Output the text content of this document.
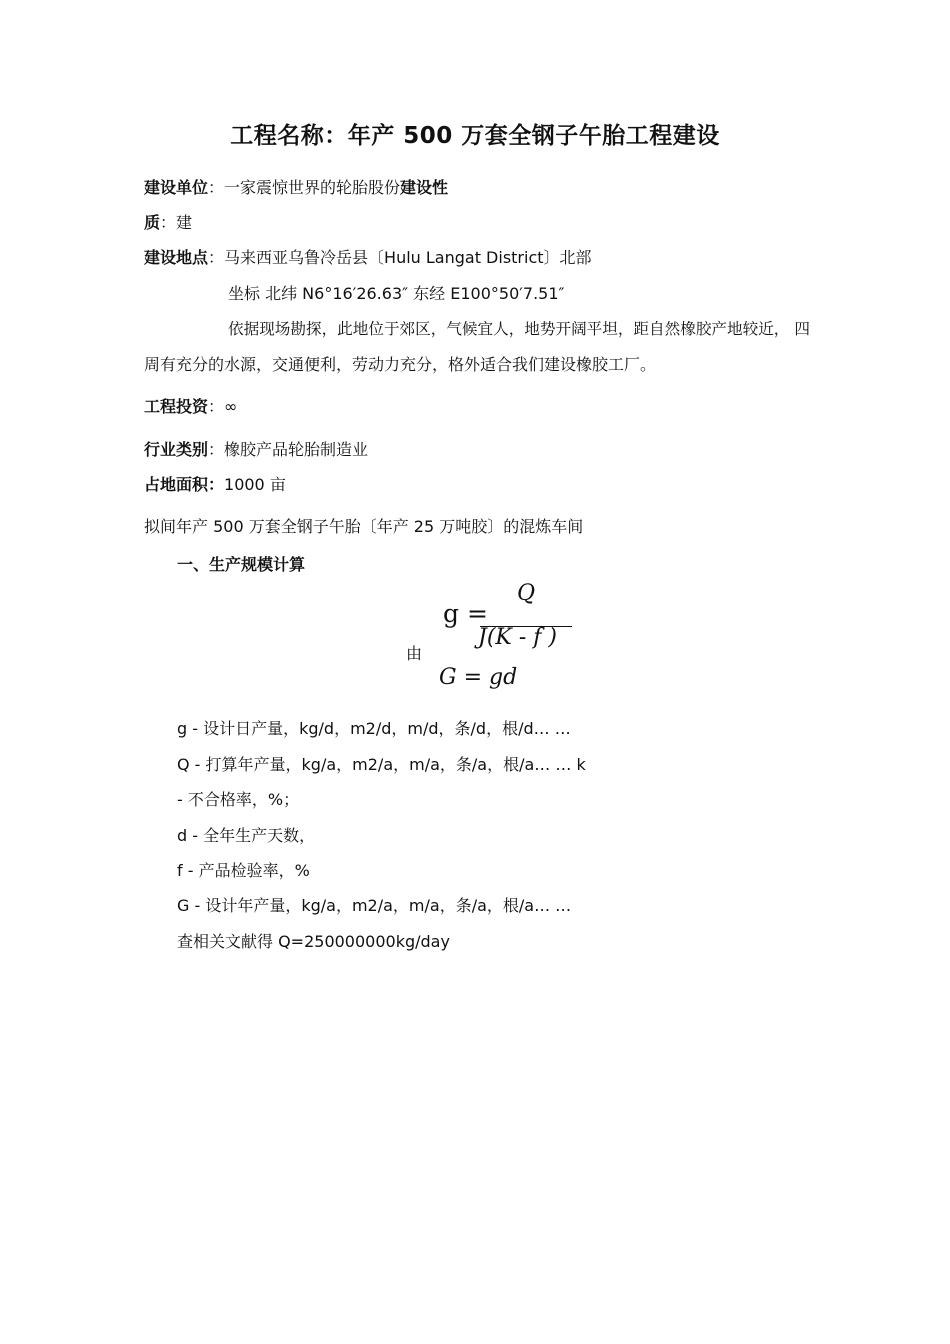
工程名称：年产 500 万套全钢子午胎工程建设
建设单位：一家震惊世界的轮胎股份建设性
质：建
建设地点：马来西亚乌鲁冷岳县〔Hulu Langat District〕北部
坐标 北纬 N6°16′26.63″ 东经 E100°50′7.51″
依据现场勘探，此地位于郊区，气候宜人，地势开阔平坦，距自然橡胶产地较近， 四
周有充分的水源，交通便利，劳动力充分，格外适合我们建设橡胶工厂。
工程投资：∞
行业类别：橡胶产品轮胎制造业
占地面积：1000 亩
拟间年产 500 万套全钢子午胎〔年产 25 万吨胶〕的混炼车间
一、生产规模计算
由
g =
Q
J(K - f )
G = gd
g - 设计日产量，kg/d，m2/d，m/d，条/d，根/d… …
Q - 打算年产量，kg/a，m2/a，m/a，条/a，根/a… … k
- 不合格率，%；
d - 全年生产天数，
f - 产品检验率，%
G - 设计年产量，kg/a，m2/a，m/a，条/a，根/a… …
查相关文献得 Q=250000000kg/day
